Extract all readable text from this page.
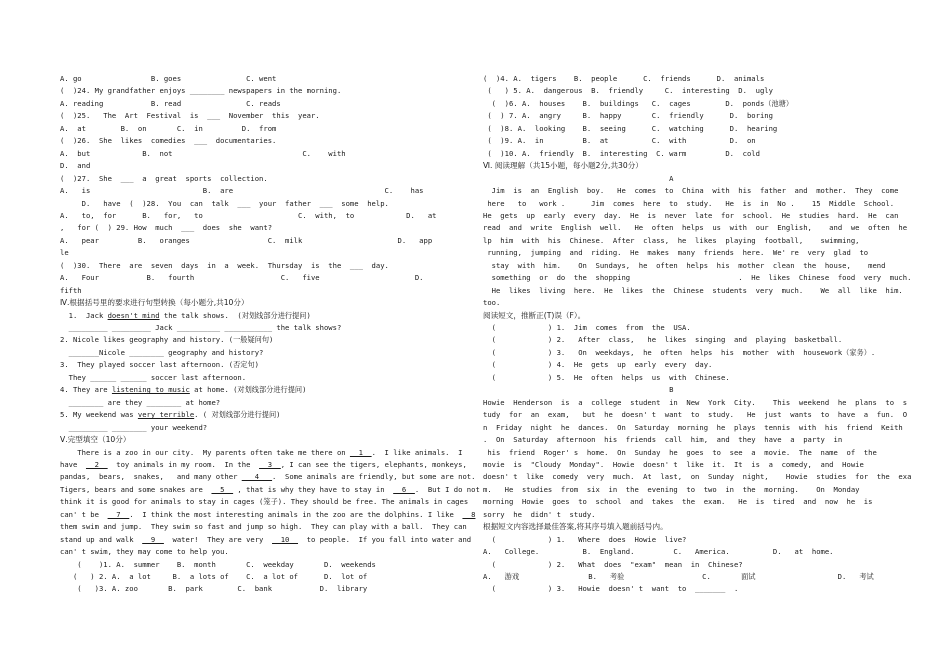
A. go                B. goes               C. went
(  )24. My grandfather enjoys ________ newspapers in the morning.
A. reading           B. read               C. reads
(  )25.   The  Art  Festival  is  ___  November  this  year.
A.  at        B.  on       C.  in         D.  from
(  )26.  She  likes  comedies  ___  documentaries.
A.  but            B.  not                              C.    with
D.  and
(  )27.  She  ___  a  great  sports  collection.
A.   is                          B.  are                                   C.    has
D.   have  (  )28.  You  can  talk  ___  your  father  ___  some  help.
A.   to,  for      B.   for,   to                      C.  with,  to            D.   at
,   for (  ) 29. How  much  ___  does  she  want?
A.   pear         B.   oranges                  C.  milk                      D.   app
le
(  )30.  There  are  seven  days  in  a  week.  Thursday  is  the  ___  day.
A.   Four           B.   fourth                    C.   five                      D.
fifth
Ⅳ.根据括号里的要求进行句型转换（每小题分,共10分）
1.  Jack doesn't mind the talk shows.  (对划线部分进行提问)
_________ _________ Jack __________ ___________ the talk shows?
2. Nicole likes geography and history. (一般疑问句)
_______Nicole ________ geography and history?
3.  They played soccer last afternoon. (否定句)
They ______ ______ soccer last afternoon.
4. They are listening to music at home. (对划线部分进行提问)
________ are they ________ at home?
5. My weekend was very terrible. ( 对划线部分进行提问)
_________ ________ your weekend?
Ⅴ.完型填空（10分）
There is a zoo in our city.  My parents often take me there on __1__.  I like animals.  I
have  __2__  toy animals in my room.  In the  __3__, I can see the tigers, elephants, monkeys,
pandas,  bears,  snakes,   and many other ___4___.  Some animals are friendly, but some are not.
Tigers, bears and some snakes are  __5__ , that is why they have to stay in  __6__.  But I do not
think it is good for animals to stay in cages (笼子). They should be free. The animals in cages
can' t be  __7__.  I think the most interesting animals in the zoo are the dolphins. I like  __8
them swim and jump.  They swim so fast and jump so high.  They can play with a ball.  They can
stand up and walk  __9__  water!  They are very  __10__  to people.  If you fall into water and
can' t swim, they may come to help you.
(    )1. A.  summer    B.  month       C.  weekday       D.  weekends
(   ) 2. A.  a lot     B.  a lots of    C.  a lot of      D.  lot of
(   )3. A. zoo       B.  park        C.  bank           D.  library
(  )4. A.  tigers    B.  people      C.  friends      D.  animals
(   ) 5. A.  dangerous  B.  friendly     C.  interesting  D.  ugly
(  )6. A.  houses    B.  buildings   C.  cages        D.  ponds（池塘）
(  ) 7. A.  angry     B.  happy       C.  friendly      D.  boring
(  )8. A.  looking    B.  seeing      C.  watching      D.  hearing
(  )9. A.  in         B.  at          C.  with          D.  on
(  )10. A.  friendly  B.  interesting  C. warm         D.  cold
Ⅵ. 阅读理解（共15小题，每小题2分,共30分）
A
Jim  is  an  English  boy.   He  comes  to  China  with  his  father  and  mother.  They  come
here   to   work .      Jim  comes  here  to  study.   He  is  in  No .    15  Middle  School.
He  gets  up  early  every  day.  He  is  never  late  for  school.  He  studies  hard.  He  can
read  and  write  English  well.   He  often  helps  us  with  our  English,    and  we  often  he
lp  him  with  his  Chinese.  After  class,  he  likes  playing  football,    swimming,
running,  jumping  and  riding.  He  makes  many  friends  here.  We' re  very  glad  to
stay  with  him.    On  Sundays,  he  often  helps  his  mother  clean  the  house,    mend
something  or  do  the  shopping                         .  He  likes  Chinese  food  very  much.
He  likes  living  here.  He  likes  the  Chinese  students  very  much.    We  all  like  him.
too.
阅读短文，推断正(T)误（F）。
(            ) 1.  Jim  comes  from  the  USA.
(            ) 2.   After  class,   he  likes  singing  and  playing  basketball.
(            ) 3.   On  weekdays,  he  often  helps  his  mother  with  housework（家务）.
(            ) 4.  He  gets  up  early  every  day.
(            ) 5.  He  often  helps  us  with  Chinese.
B
Howie  Henderson  is  a  college  student  in  New  York  City.    This  weekend  he  plans  to  s
tudy  for  an  exam,   but  he  doesn' t  want  to  study.   He  just  wants  to  have  a  fun.  O
n  Friday  night  he  dances.  On  Saturday  morning  he  plays  tennis  with  his  friend  Keith
.  On  Saturday  afternoon  his  friends  call  him,  and  they  have  a  party  in
his  friend  Roger' s  home.  On  Sunday  he  goes  to  see  a  movie.  The  name  of  the
movie  is  "Cloudy  Monday".  Howie  doesn' t  like  it.  It  is  a  comedy,  and  Howie
doesn' t  like  comedy  very  much.  At  last,  on  Sunday  night,    Howie  studies  for  the  exa
m.   He  studies  from  six  in  the  evening  to  two  in  the  morning.    On  Monday
morning  Howie  goes  to  school  and  takes  the  exam.   He  is  tired  and  now  he  is
sorry  he  didn' t  study.
根据短文内容选择最佳答案,将其序号填入题前括号内。
(            ) 1.   Where  does  Howie  live?
A.   College.          B.  England.         C.   America.          D.   at  home.
(            ) 2.   What  does  "exam"  mean  in  Chinese?
A.   游戏                B.   考验                  C.       面试                   D.   考试
(            ) 3.   Howie  doesn' t  want  to  _______  .
